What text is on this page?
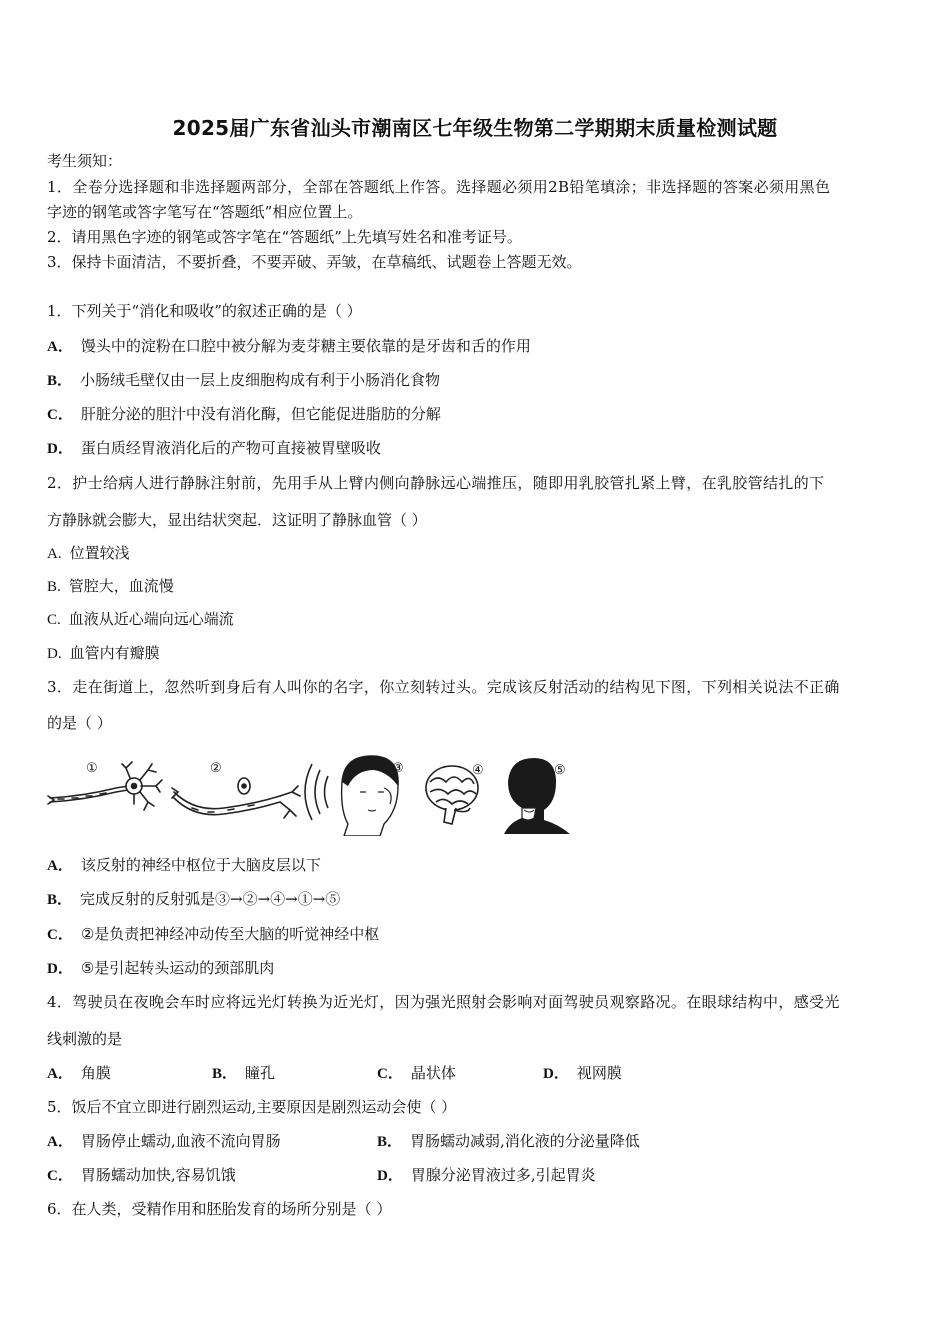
2025届广东省汕头市潮南区七年级生物第二学期期末质量检测试题
考生须知：
1．全卷分选择题和非选择题两部分，全部在答题纸上作答。选择题必须用2B铅笔填涂；非选择题的答案必须用黑色
字迹的钢笔或答字笔写在“答题纸”相应位置上。
2．请用黑色字迹的钢笔或答字笔在“答题纸”上先填写姓名和准考证号。
3．保持卡面清洁，不要折叠，不要弄破、弄皱，在草稿纸、试题卷上答题无效。
1．下列关于“消化和吸收”的叙述正确的是（ ）
A． 馒头中的淀粉在口腔中被分解为麦芽糖主要依靠的是牙齿和舌的作用
B． 小肠绒毛壁仅由一层上皮细胞构成有利于小肠消化食物
C． 肝脏分泌的胆汁中没有消化酶，但它能促进脂肪的分解
D． 蛋白质经胃液消化后的产物可直接被胃壁吸收
2．护士给病人进行静脉注射前，先用手从上臂内侧向静脉远心端推压，随即用乳胶管扎紧上臂，在乳胶管结扎的下
方静脉就会膨大，显出结状突起．这证明了静脉血管（ ）
A. 位置较浅
B. 管腔大，血流慢
C. 血液从近心端向远心端流
D. 血管内有瓣膜
3．走在街道上，忽然听到身后有人叫你的名字，你立刻转过头。完成该反射活动的结构见下图，下列相关说法不正确
的是（ ）
①	②	③	④	⑤
A． 该反射的神经中枢位于大脑皮层以下
B． 完成反射的反射弧是③→②→④→①→⑤
C． ②是负责把神经冲动传至大脑的听觉神经中枢
D． ⑤是引起转头运动的颈部肌肉
4．驾驶员在夜晚会车时应将远光灯转换为近光灯，因为强光照射会影响对面驾驶员观察路况。在眼球结构中，感受光
线刺激的是
A． 角膜	B． 瞳孔	C． 晶状体	D． 视网膜
5．饭后不宜立即进行剧烈运动,主要原因是剧烈运动会使（ ）
A． 胃肠停止蠕动,血液不流向胃肠	B． 胃肠蠕动减弱,消化液的分泌量降低
C． 胃肠蠕动加快,容易饥饿	D． 胃腺分泌胃液过多,引起胃炎
6．在人类，受精作用和胚胎发育的场所分别是（ ）
